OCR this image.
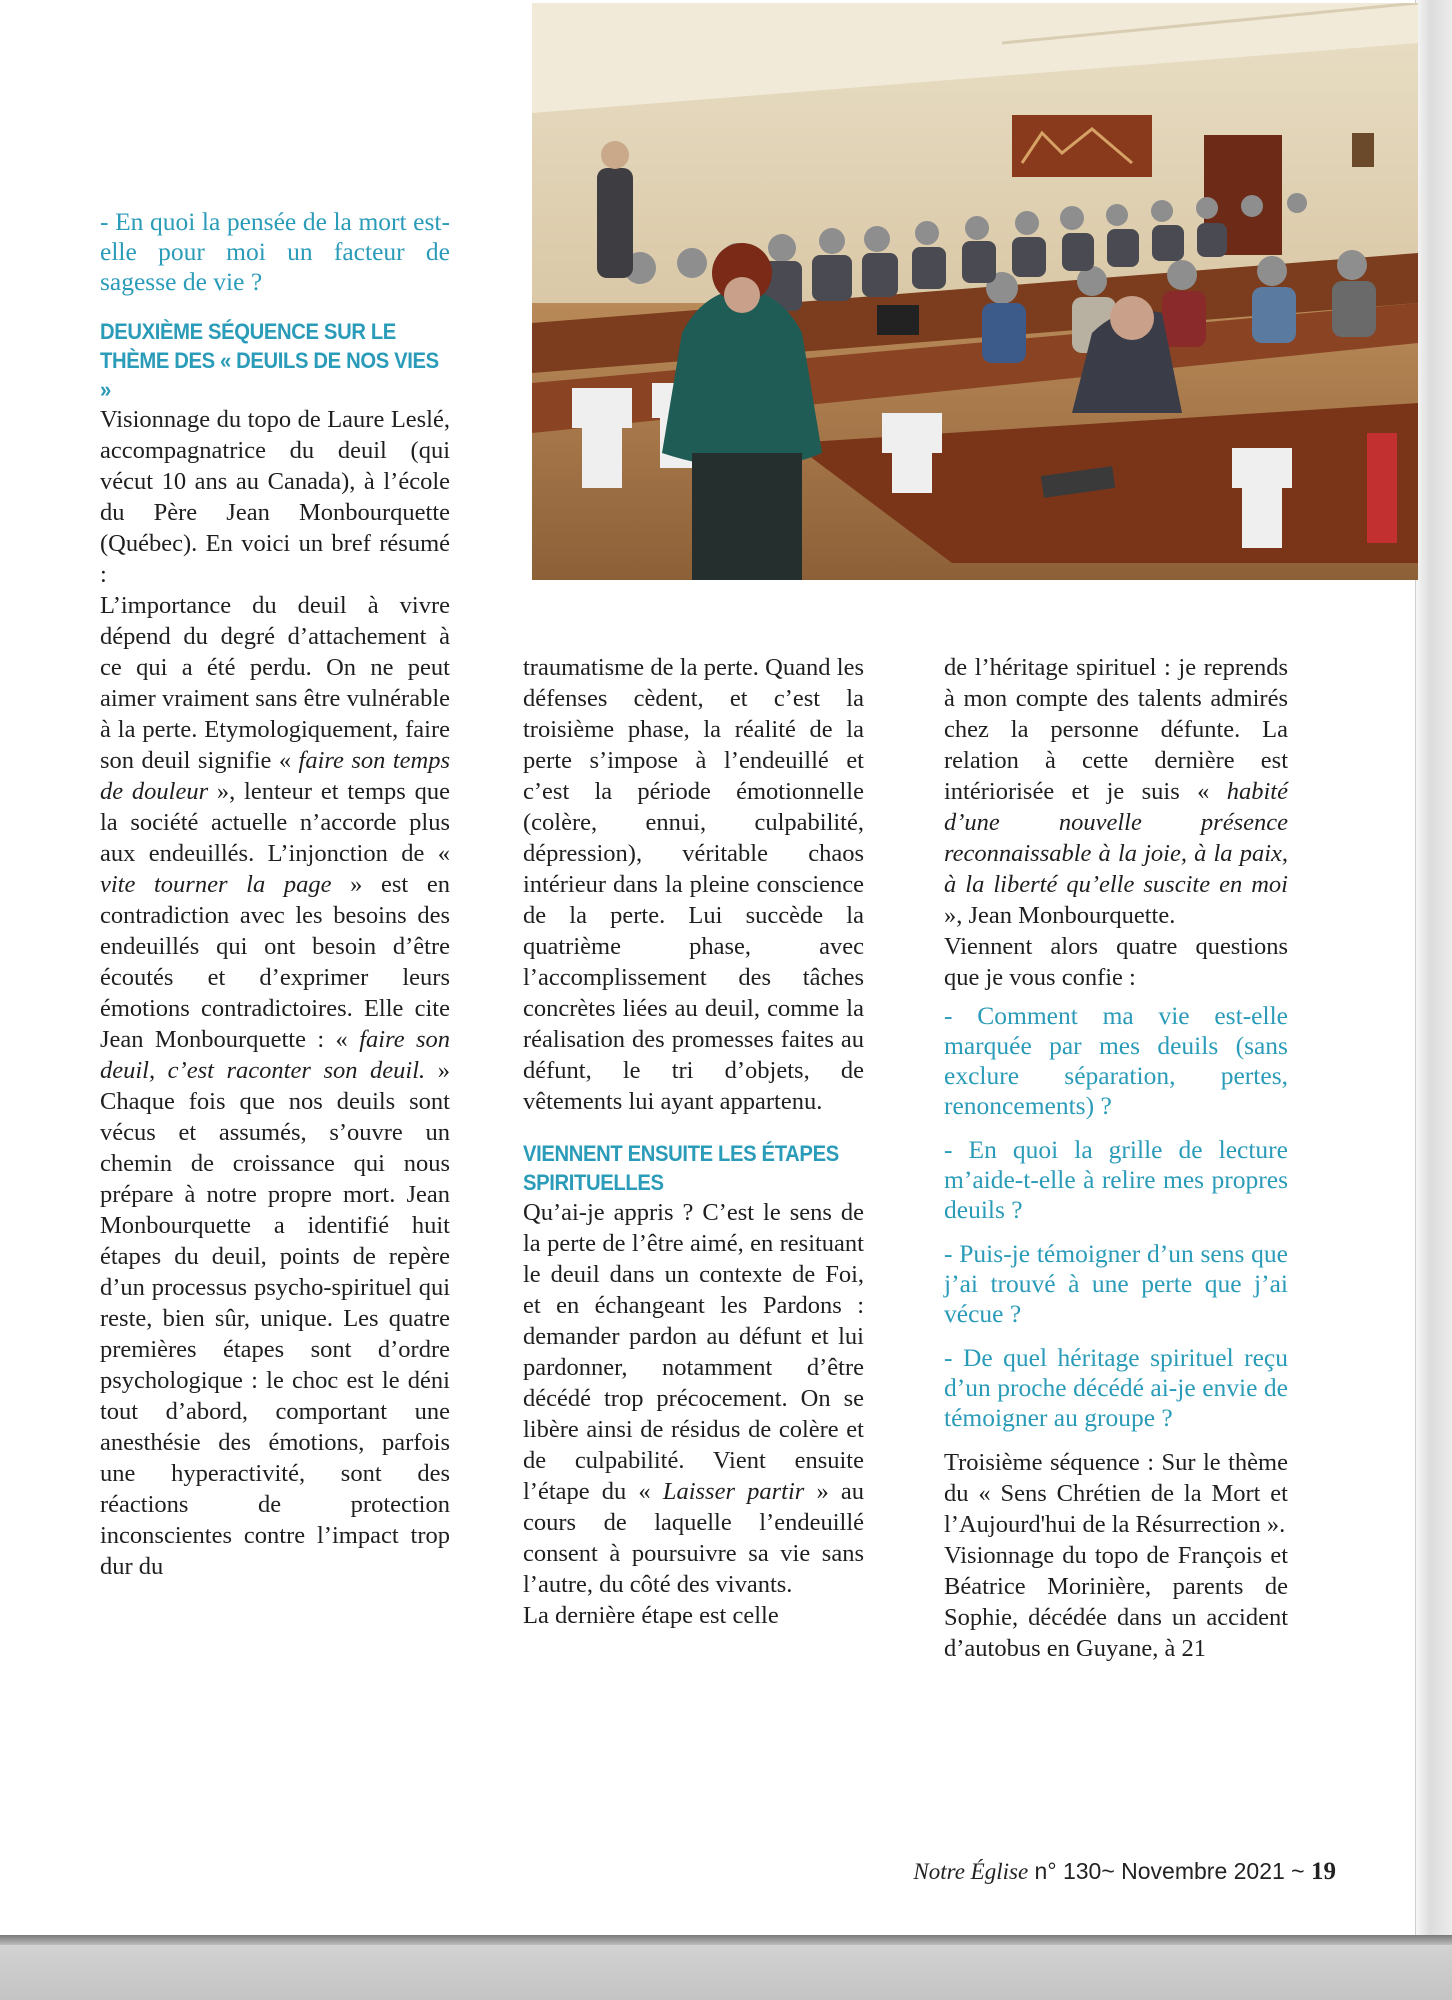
- En quoi la pensée de la mort est-elle pour moi un facteur de sagesse de vie ?

DEUXIÈME SÉQUENCE SUR LE THÈME DES « DEUILS DE NOS VIES »

Visionnage du topo de Laure Leslé, accompagnatrice du deuil (qui vécut 10 ans au Canada), à l’école du Père Jean Monbourquette (Québec). En voici un bref résumé :

L’importance du deuil à vivre dépend du degré d’attachement à ce qui a été perdu. On ne peut aimer vraiment sans être vulnérable à la perte. Etymologiquement, faire son deuil signifie « faire son temps de douleur », lenteur et temps que la société actuelle n’accorde plus aux endeuillés. L’injonction de « vite tourner la page » est en contradiction avec les besoins des endeuillés qui ont besoin d’être écoutés et d’exprimer leurs émotions contradictoires. Elle cite Jean Monbourquette : « faire son deuil, c’est raconter son deuil. » Chaque fois que nos deuils sont vécus et assumés, s’ouvre un chemin de croissance qui nous prépare à notre propre mort. Jean Monbourquette a identifié huit étapes du deuil, points de repère d’un processus psycho-spirituel qui reste, bien sûr, unique. Les quatre premières étapes sont d’ordre psychologique : le choc est le déni tout d’abord, comportant une anesthésie des émotions, parfois une hyperactivité, sont des réactions de protection inconscientes contre l’impact trop dur du

traumatisme de la perte. Quand les défenses cèdent, et c’est la troisième phase, la réalité de la perte s’impose à l’endeuillé et c’est la période émotionnelle (colère, ennui, culpabilité, dépression), véritable chaos intérieur dans la pleine conscience de la perte. Lui succède la quatrième phase, avec l’accomplissement des tâches concrètes liées au deuil, comme la réalisation des promesses faites au défunt, le tri d’objets, de vêtements lui ayant appartenu.

VIENNENT ENSUITE LES ÉTAPES SPIRITUELLES

Qu’ai-je appris ? C’est le sens de la perte de l’être aimé, en resituant le deuil dans un contexte de Foi, et en échangeant les Pardons : demander pardon au défunt et lui pardonner, notamment d’être décédé trop précocement. On se libère ainsi de résidus de colère et de culpabilité. Vient ensuite l’étape du « Laisser partir » au cours de laquelle l’endeuillé consent à poursuivre sa vie sans l’autre, du côté des vivants.

La dernière étape est celle

de l’héritage spirituel : je reprends à mon compte des talents admirés chez la personne défunte. La relation à cette dernière est intériorisée et je suis « habité d’une nouvelle présence reconnaissable à la joie, à la paix, à la liberté qu’elle suscite en moi », Jean Monbourquette.

Viennent alors quatre questions que je vous confie :

- Comment ma vie est-elle marquée par mes deuils (sans exclure séparation, pertes, renoncements) ?

- En quoi la grille de lecture m’aide-t-elle à relire mes propres deuils ?

- Puis-je témoigner d’un sens que j’ai trouvé à une perte que j’ai vécue ?

- De quel héritage spirituel reçu d’un proche décédé ai-je envie de témoigner au groupe ?

Troisième séquence : Sur le thème du « Sens Chrétien de la Mort et l’Aujourd'hui de la Résurrection ».

Visionnage du topo de François et Béatrice Morinière, parents de Sophie, décédée dans un accident d’autobus en Guyane, à 21

Notre Église n° 130~ Novembre 2021 ~ 19
